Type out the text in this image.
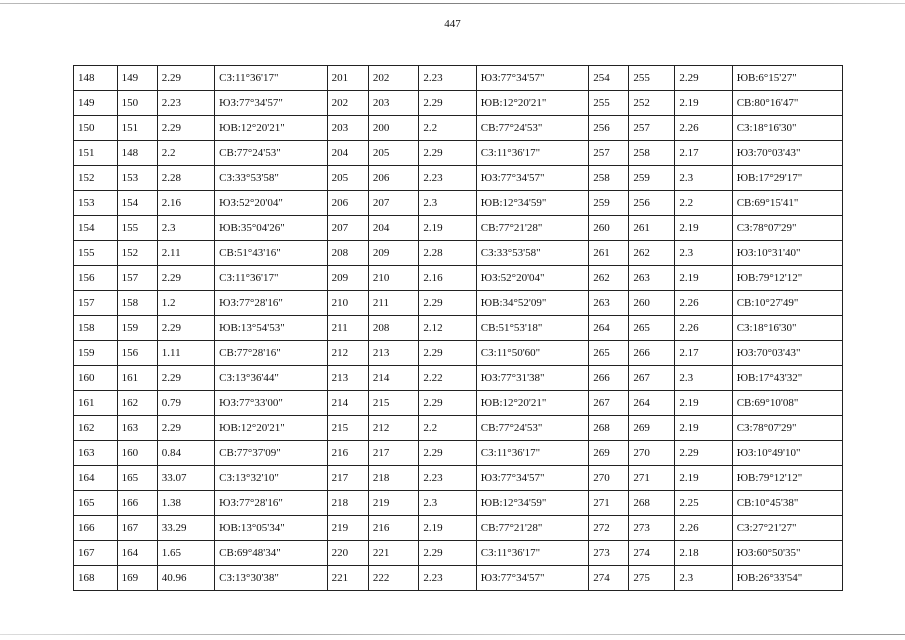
447
148	149	2.29	СЗ:11°36'17"	201	202	2.23	ЮЗ:77°34'57"	254	255	2.29	ЮВ:6°15'27"
149	150	2.23	ЮЗ:77°34'57"	202	203	2.29	ЮВ:12°20'21"	255	252	2.19	СВ:80°16'47"
150	151	2.29	ЮВ:12°20'21"	203	200	2.2	СВ:77°24'53"	256	257	2.26	СЗ:18°16'30"
151	148	2.2	СВ:77°24'53"	204	205	2.29	СЗ:11°36'17"	257	258	2.17	ЮЗ:70°03'43"
152	153	2.28	СЗ:33°53'58"	205	206	2.23	ЮЗ:77°34'57"	258	259	2.3	ЮВ:17°29'17"
153	154	2.16	ЮЗ:52°20'04"	206	207	2.3	ЮВ:12°34'59"	259	256	2.2	СВ:69°15'41"
154	155	2.3	ЮВ:35°04'26"	207	204	2.19	СВ:77°21'28"	260	261	2.19	СЗ:78°07'29"
155	152	2.11	СВ:51°43'16"	208	209	2.28	СЗ:33°53'58"	261	262	2.3	ЮЗ:10°31'40"
156	157	2.29	СЗ:11°36'17"	209	210	2.16	ЮЗ:52°20'04"	262	263	2.19	ЮВ:79°12'12"
157	158	1.2	ЮЗ:77°28'16"	210	211	2.29	ЮВ:34°52'09"	263	260	2.26	СВ:10°27'49"
158	159	2.29	ЮВ:13°54'53"	211	208	2.12	СВ:51°53'18"	264	265	2.26	СЗ:18°16'30"
159	156	1.11	СВ:77°28'16"	212	213	2.29	СЗ:11°50'60"	265	266	2.17	ЮЗ:70°03'43"
160	161	2.29	СЗ:13°36'44"	213	214	2.22	ЮЗ:77°31'38"	266	267	2.3	ЮВ:17°43'32"
161	162	0.79	ЮЗ:77°33'00"	214	215	2.29	ЮВ:12°20'21"	267	264	2.19	СВ:69°10'08"
162	163	2.29	ЮВ:12°20'21"	215	212	2.2	СВ:77°24'53"	268	269	2.19	СЗ:78°07'29"
163	160	0.84	СВ:77°37'09"	216	217	2.29	СЗ:11°36'17"	269	270	2.29	ЮЗ:10°49'10"
164	165	33.07	СЗ:13°32'10"	217	218	2.23	ЮЗ:77°34'57"	270	271	2.19	ЮВ:79°12'12"
165	166	1.38	ЮЗ:77°28'16"	218	219	2.3	ЮВ:12°34'59"	271	268	2.25	СВ:10°45'38"
166	167	33.29	ЮВ:13°05'34"	219	216	2.19	СВ:77°21'28"	272	273	2.26	СЗ:27°21'27"
167	164	1.65	СВ:69°48'34"	220	221	2.29	СЗ:11°36'17"	273	274	2.18	ЮЗ:60°50'35"
168	169	40.96	СЗ:13°30'38"	221	222	2.23	ЮЗ:77°34'57"	274	275	2.3	ЮВ:26°33'54"
